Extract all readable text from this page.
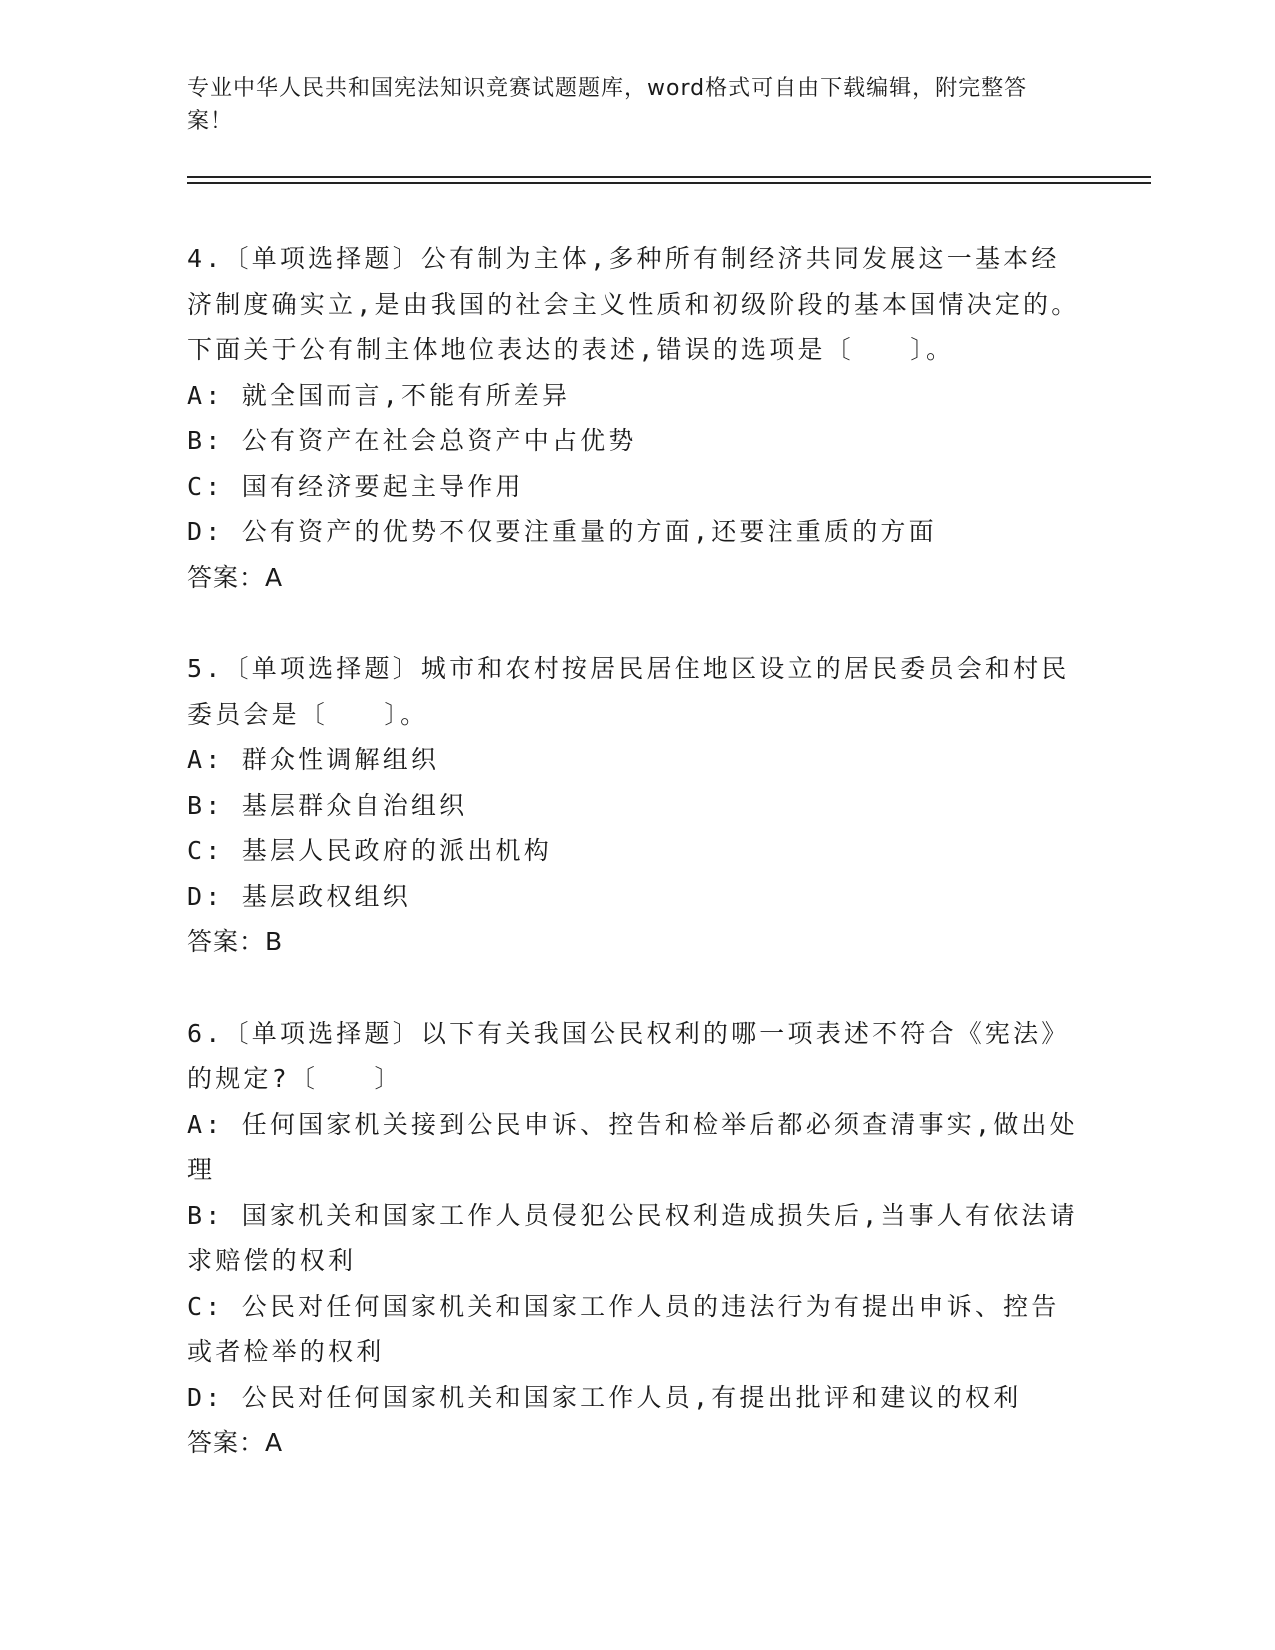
专业中华人民共和国宪法知识竞赛试题题库，word格式可自由下载编辑，附完整答案！

4.〔单项选择题〕公有制为主体,多种所有制经济共同发展这一基本经济制度确实立,是由我国的社会主义性质和初级阶段的基本国情决定的。下面关于公有制主体地位表达的表述,错误的选项是〔　　〕。

A: 就全国而言,不能有所差异

B: 公有资产在社会总资产中占优势

C: 国有经济要起主导作用

D: 公有资产的优势不仅要注重量的方面,还要注重质的方面

答案：A

5.〔单项选择题〕城市和农村按居民居住地区设立的居民委员会和村民委员会是〔　　〕。

A: 群众性调解组织

B: 基层群众自治组织

C: 基层人民政府的派出机构

D: 基层政权组织

答案：B

6.〔单项选择题〕以下有关我国公民权利的哪一项表述不符合《宪法》的规定?〔　　〕

A: 任何国家机关接到公民申诉、控告和检举后都必须查清事实,做出处理

B: 国家机关和国家工作人员侵犯公民权利造成损失后,当事人有依法请求赔偿的权利

C: 公民对任何国家机关和国家工作人员的违法行为有提出申诉、控告或者检举的权利

D: 公民对任何国家机关和国家工作人员,有提出批评和建议的权利

答案：A
